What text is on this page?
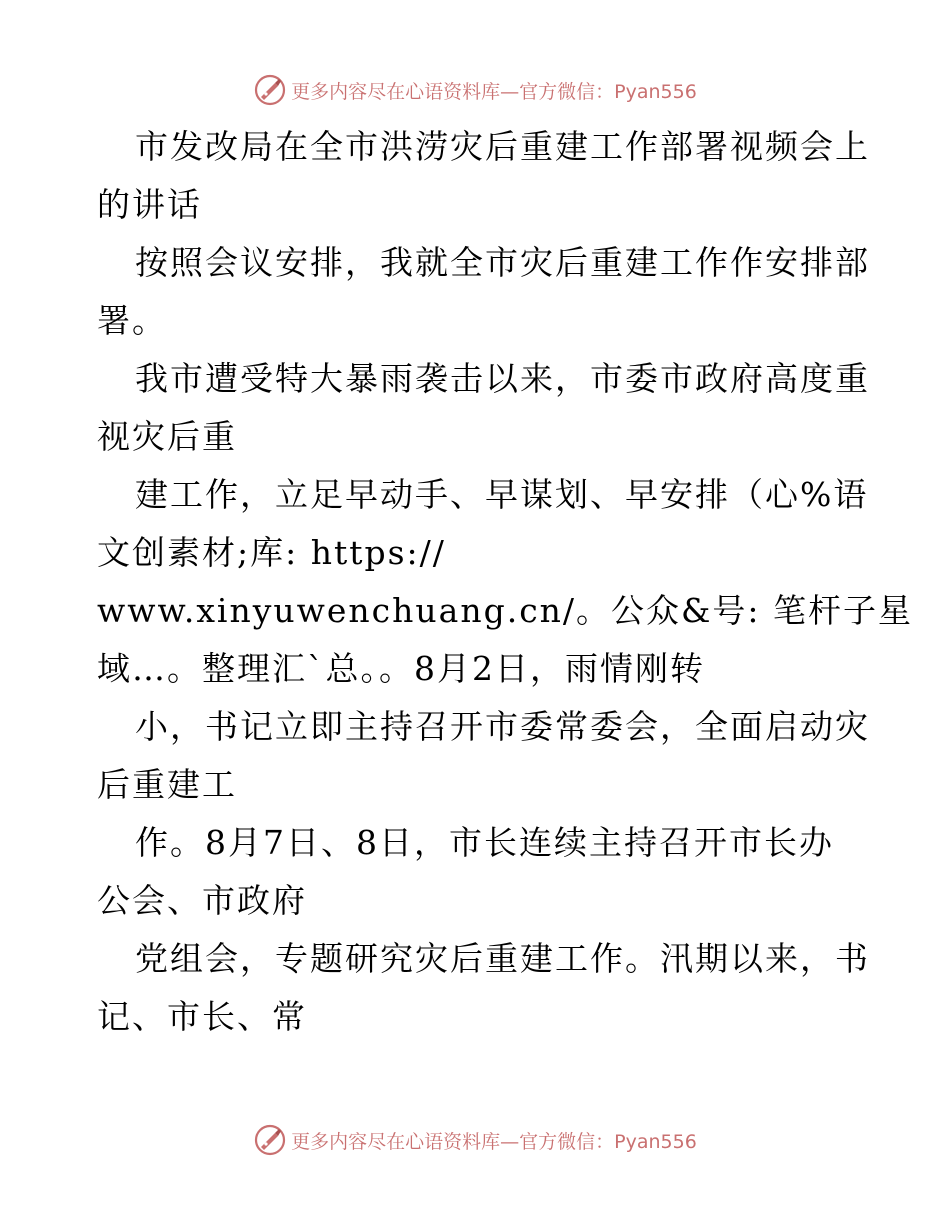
更多内容尽在心语资料库—官方微信：Pyan556
市发改局在全市洪涝灾后重建工作部署视频会上
的讲话
按照会议安排，我就全市灾后重建工作作安排部
署。
我市遭受特大暴雨袭击以来，市委市政府高度重
视灾后重
建工作，立足早动手、早谋划、早安排（心%语
文创素材;库: https://
www.xinyuwenchuang.cn/。公众&号: 笔杆子星
域…。整理汇`总。。8月2日，雨情刚转
小，书记立即主持召开市委常委会，全面启动灾
后重建工
作。8月7日、8日，市长连续主持召开市长办
公会、市政府
党组会，专题研究灾后重建工作。汛期以来，书
记、市长、常
更多内容尽在心语资料库—官方微信：Pyan556
